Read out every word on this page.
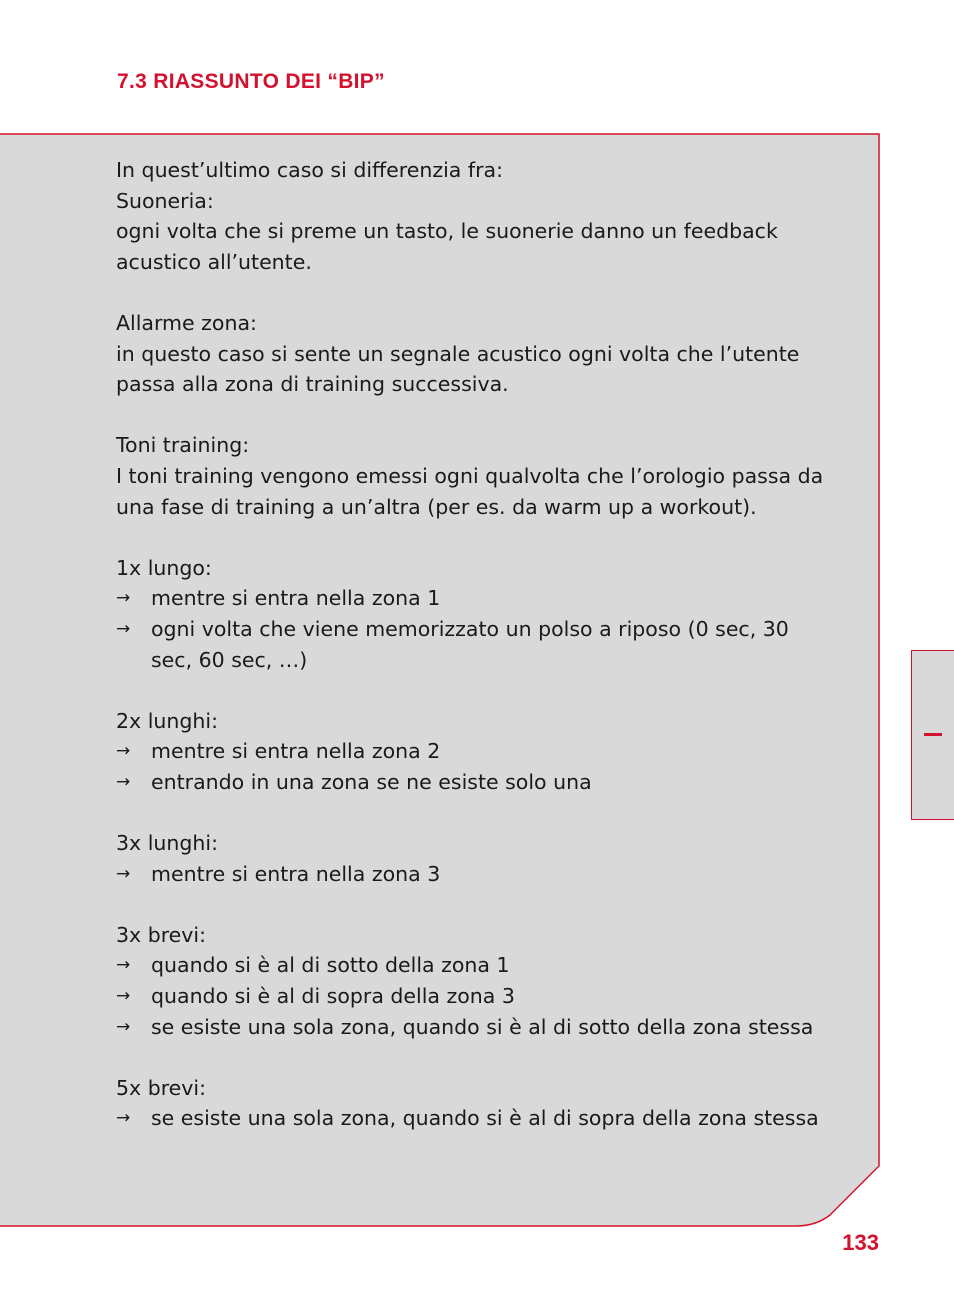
7.3 RIASSUNTO DEI “BIP”

In quest’ultimo caso si differenzia fra:

Suoneria:

ogni volta che si preme un tasto, le suonerie danno un feedback acustico all’utente.

Allarme zona:

in questo caso si sente un segnale acustico ogni volta che l’utente passa alla zona di training successiva.

Toni training:

I toni training vengono emessi ogni qualvolta che l’orologio passa da una fase di training a un’altra (per es. da warm up a workout).

1x lungo:

→ mentre si entra nella zona 1
→ ogni volta che viene memorizzato un polso a riposo (0 sec, 30 sec, 60 sec, …)

2x lunghi:

→ mentre si entra nella zona 2
→ entrando in una zona se ne esiste solo una

3x lunghi:

→ mentre si entra nella zona 3

3x brevi:

→ quando si è al di sotto della zona 1
→ quando si è al di sopra della zona 3
→ se esiste una sola zona, quando si è al di sotto della zona stessa

5x brevi:

→ se esiste una sola zona, quando si è al di sopra della zona stessa
133
